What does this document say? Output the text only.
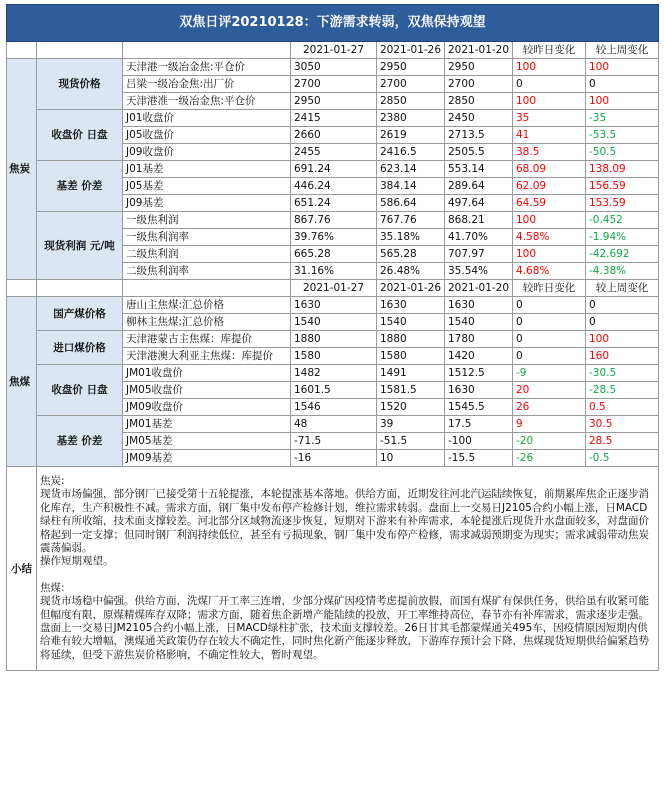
双焦日评20210128：下游需求转弱，双焦保持观望							
			2021-01-27	2021-01-26	2021-01-20	较昨日变化	较上周变化
焦炭	现货价格	天津港一级冶金焦:平仓价	3050	2950	2950	100	100
		吕梁一级冶金焦:出厂价	2700	2700	2700	0	0
		天津港准一级冶金焦:平仓价	2950	2850	2850	100	100
	收盘价 日盘	J01收盘价	2415	2380	2450	35	-35
		J05收盘价	2660	2619	2713.5	41	-53.5
		J09收盘价	2455	2416.5	2505.5	38.5	-50.5
	基差 价差	J01基差	691.24	623.14	553.14	68.09	138.09
		J05基差	446.24	384.14	289.64	62.09	156.59
		J09基差	651.24	586.64	497.64	64.59	153.59
	现货利润 元/吨	一级焦利润	867.76	767.76	868.21	100	-0.452
		一级焦利润率	39.76%	35.18%	41.70%	4.58%	-1.94%
		二级焦利润	665.28	565.28	707.97	100	-42.692
		二级焦利润率	31.16%	26.48%	35.54%	4.68%	-4.38%
			2021-01-27	2021-01-26	2021-01-20	较昨日变化	较上周变化
焦煤	国产煤价格	唐山主焦煤:汇总价格	1630	1630	1630	0	0
		柳林主焦煤:汇总价格	1540	1540	1540	0	0
	进口煤价格	天津港蒙古主焦煤：库提价	1880	1880	1780	0	100
		天津港澳大利亚主焦煤：库提价	1580	1580	1420	0	160
	收盘价 日盘	JM01收盘价	1482	1491	1512.5	-9	-30.5
		JM05收盘价	1601.5	1581.5	1630	20	-28.5
		JM09收盘价	1546	1520	1545.5	26	0.5
	基差 价差	JM01基差	48	39	17.5	9	30.5
		JM05基差	-71.5	-51.5	-100	-20	28.5
		JM09基差	-16	10	-15.5	-26	-0.5
小结	焦炭:

现货市场偏强，部分钢厂已接受第十五轮提涨，本轮提涨基本落地。供给方面，近期发往河北汽运陆续恢复，前期累库焦企正逐步消化库存，生产积极性不减。需求方面，钢厂集中发布停产检修计划，维拉需求转弱。盘面上一交易日J2105合约小幅上涨，日MACD绿柱有所收缩，技术面支撑较差。河北部分区域物流逐步恢复，短期对下游来有补库需求，本轮提涨后现货升水盘面较多，对盘面价格起到一定支撑；但同时钢厂利润持续低位，甚至有亏损现象，钢厂集中发布停产检修，需求减弱预期变为现实；需求减弱带动焦炭震荡偏弱。

操作短期观望。

焦煤:

现货市场稳中偏强。供给方面，洗煤厂开工率三连增，少部分煤矿因疫情考虑提前放假，而国有煤矿有保供任务，供给虽有收紧可能但幅度有限，原煤精煤库存双降；需求方面，随着焦企新增产能陆续的投放，开工率维持高位，春节亦有补库需求，需求逐步走强。盘面上一交易日JM2105合约小幅上涨，日MACD绿柱扩张，技术面支撑较差。26日甘其毛都蒙煤通关495车，因疫情原因短期内供给难有较大增幅，澳煤通关政策仍存在较大不确定性，同时焦化新产能逐步释放，下游库存预计会下降，焦煤现货短期供给偏紧趋势将延续，但受下游焦炭价格影响，不确定性较大，暂时观望。						
